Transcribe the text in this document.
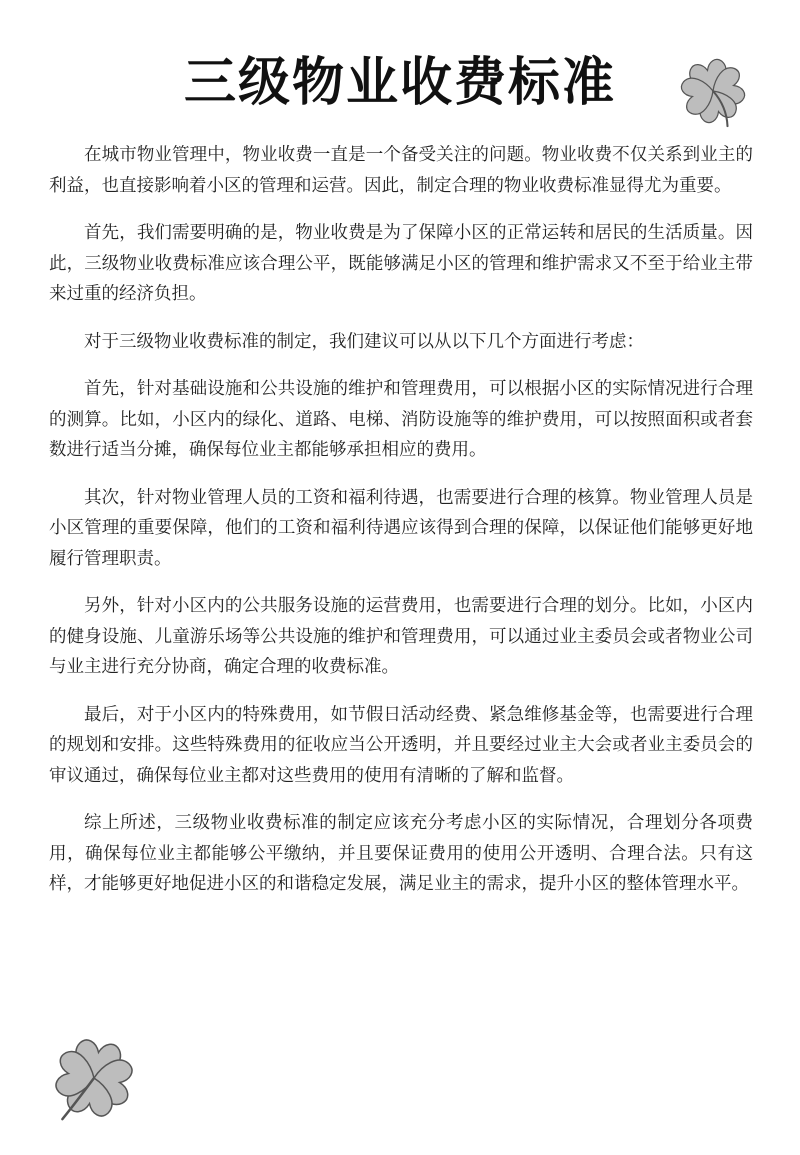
三级物业收费标准

在城市物业管理中，物业收费一直是一个备受关注的问题。物业收费不仅关系到业主的利益，也直接影响着小区的管理和运营。因此，制定合理的物业收费标准显得尤为重要。

首先，我们需要明确的是，物业收费是为了保障小区的正常运转和居民的生活质量。因此，三级物业收费标准应该合理公平，既能够满足小区的管理和维护需求又不至于给业主带来过重的经济负担。

对于三级物业收费标准的制定，我们建议可以从以下几个方面进行考虑：

首先，针对基础设施和公共设施的维护和管理费用，可以根据小区的实际情况进行合理的测算。比如，小区内的绿化、道路、电梯、消防设施等的维护费用，可以按照面积或者套数进行适当分摊，确保每位业主都能够承担相应的费用。

其次，针对物业管理人员的工资和福利待遇，也需要进行合理的核算。物业管理人员是小区管理的重要保障，他们的工资和福利待遇应该得到合理的保障，以保证他们能够更好地履行管理职责。

另外，针对小区内的公共服务设施的运营费用，也需要进行合理的划分。比如，小区内的健身设施、儿童游乐场等公共设施的维护和管理费用，可以通过业主委员会或者物业公司与业主进行充分协商，确定合理的收费标准。

最后，对于小区内的特殊费用，如节假日活动经费、紧急维修基金等，也需要进行合理的规划和安排。这些特殊费用的征收应当公开透明，并且要经过业主大会或者业主委员会的审议通过，确保每位业主都对这些费用的使用有清晰的了解和监督。

综上所述，三级物业收费标准的制定应该充分考虑小区的实际情况，合理划分各项费用，确保每位业主都能够公平缴纳，并且要保证费用的使用公开透明、合理合法。只有这样，才能够更好地促进小区的和谐稳定发展，满足业主的需求，提升小区的整体管理水平。
